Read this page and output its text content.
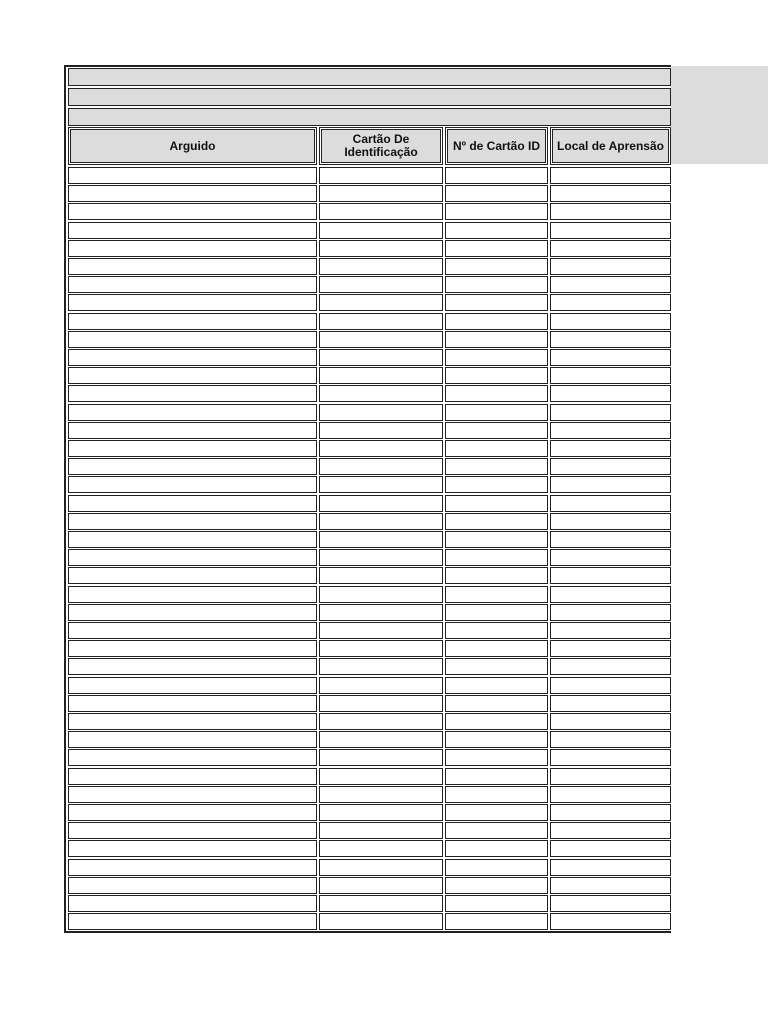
Arguido	Cartão De Identificação	Nº de Cartão ID	Local de Aprensão
